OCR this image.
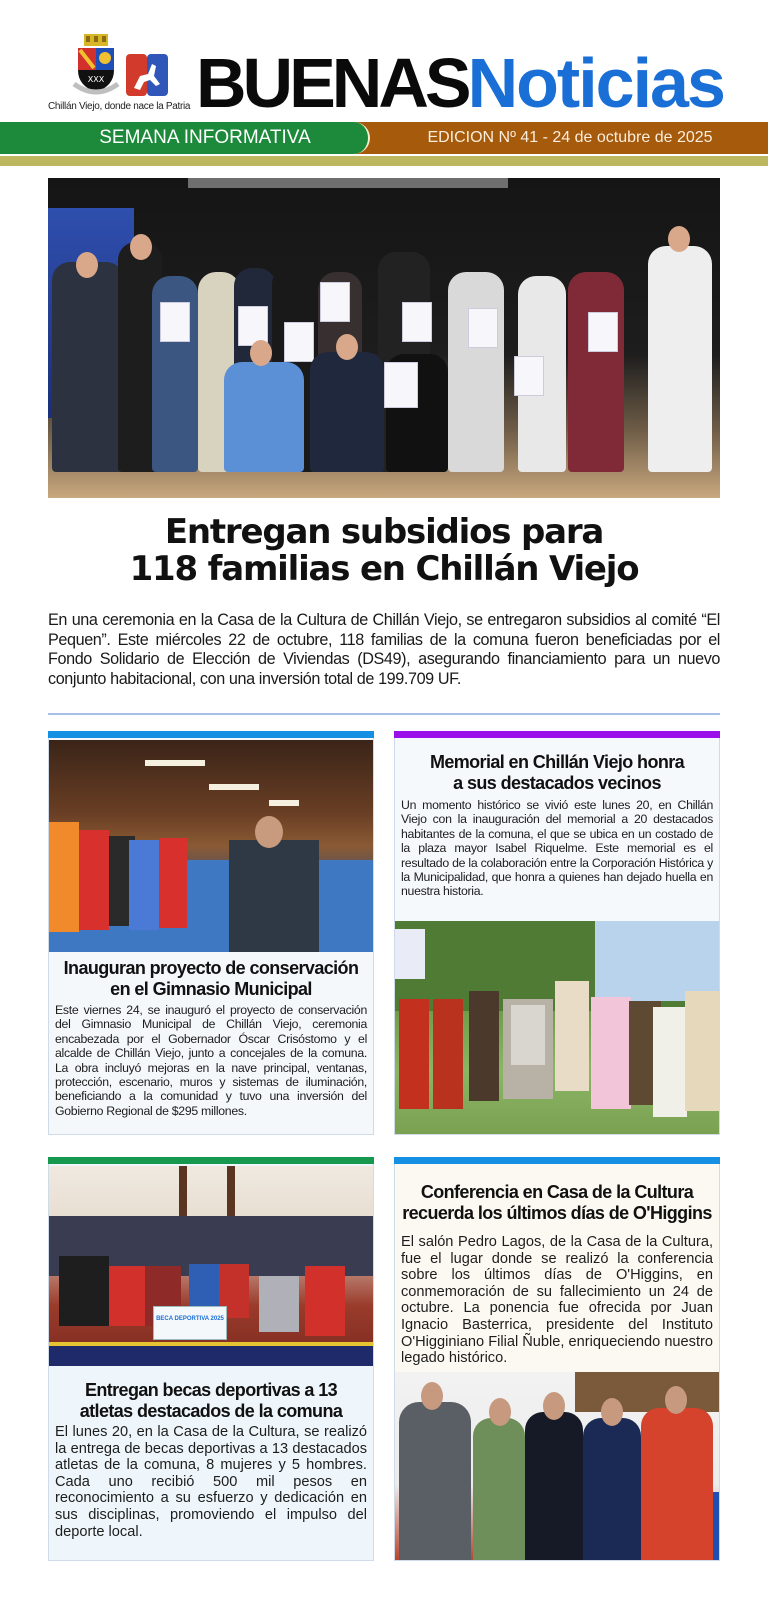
XXX
Chillán Viejo, donde nace la Patria BUENASNoticias
SEMANA INFORMATIVA	EDICION Nº 41 - 24 de octubre de 2025
Entregan subsidios para
118 familias en Chillán Viejo

En una ceremonia en la Casa de la Cultura de Chillán Viejo, se entregaron subsidios al comité “El Pequen”. Este miércoles 22 de octubre, 118 familias de la comuna fueron beneficiadas por el Fondo Solidario de Elección de Viviendas (DS49), asegurando financiamiento para un nuevo conjunto habitacional, con una inversión total de 199.709 UF.

Inauguran proyecto de conservación
en el Gimnasio Municipal

Este viernes 24, se inauguró el proyecto de conservación del Gimnasio Municipal de Chillán Viejo, ceremonia encabezada por el Gobernador Óscar Crisóstomo y el alcalde de Chillán Viejo, junto a concejales de la comuna. La obra incluyó mejoras en la nave principal, ventanas, protección, escenario, muros y sistemas de iluminación, beneficiando a la comunidad y tuvo una inversión del Gobierno Regional de $295 millones.

Memorial en Chillán Viejo honra
a sus destacados vecinos

Un momento histórico se vivió este lunes 20, en Chillán Viejo con la inauguración del memorial a 20 destacados habitantes de la comuna, el que se ubica en un costado de la plaza mayor Isabel Riquelme. Este memorial es el resultado de la colaboración entre la Corporación Histórica y la Municipalidad, que honra a quienes han dejado huella en nuestra historia.

BECA DEPORTIVA 2025
Entregan becas deportivas a 13
atletas destacados de la comuna

El lunes 20, en la Casa de la Cultura, se realizó la entrega de becas deportivas a 13 destacados atletas de la comuna, 8 mujeres y 5 hombres. Cada uno recibió 500 mil pesos en reconocimiento a su esfuerzo y dedicación en sus disciplinas, promoviendo el impulso del deporte local.

Conferencia en Casa de la Cultura
recuerda los últimos días de O'Higgins

El salón Pedro Lagos, de la Casa de la Cultura, fue el lugar donde se realizó la conferencia sobre los últimos días de O'Higgins, en conmemoración de su fallecimiento un 24 de octubre. La ponencia fue ofrecida por Juan Ignacio Basterrica, presidente del Instituto O'Higginiano Filial Ñuble, enriqueciendo nuestro legado histórico.
